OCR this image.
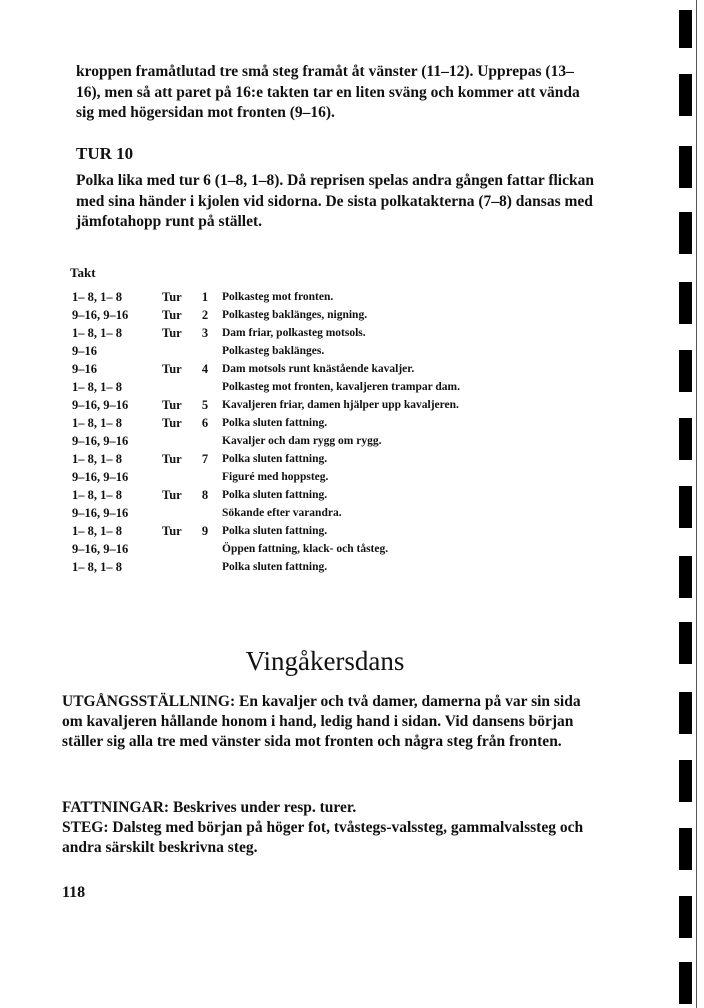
kroppen framåtlutad tre små steg framåt åt vänster (11–12). Upprepas (13–16), men så att paret på 16:e takten tar en liten sväng och kommer att vända sig med högersidan mot fronten (9–16).

TUR 10

Polka lika med tur 6 (1–8, 1–8). Då reprisen spelas andra gången fattar flickan med sina händer i kjolen vid sidorna. De sista polkatakterna (7–8) dansas med jämfotahopp runt på stället.

Takt
1– 8, 1– 8	Tur	1	Polkasteg mot fronten.
9–16, 9–16	Tur	2	Polkasteg baklänges, nigning.
1– 8, 1– 8	Tur	3	Dam friar, polkasteg motsols.
9–16			Polkasteg baklänges.
9–16	Tur	4	Dam motsols runt knästående kavaljer.
1– 8, 1– 8			Polkasteg mot fronten, kavaljeren trampar dam.
9–16, 9–16	Tur	5	Kavaljeren friar, damen hjälper upp kavaljeren.
1– 8, 1– 8	Tur	6	Polka sluten fattning.
9–16, 9–16			Kavaljer och dam rygg om rygg.
1– 8, 1– 8	Tur	7	Polka sluten fattning.
9–16, 9–16			Figuré med hoppsteg.
1– 8, 1– 8	Tur	8	Polka sluten fattning.
9–16, 9–16			Sökande efter varandra.
1– 8, 1– 8	Tur	9	Polka sluten fattning.
9–16, 9–16			Öppen fattning, klack- och tåsteg.
1– 8, 1– 8			Polka sluten fattning.
Vingåkersdans

UTGÅNGSSTÄLLNING: En kavaljer och två damer, damerna på var sin sida om kavaljeren hållande honom i hand, ledig hand i sidan. Vid dansens början ställer sig alla tre med vänster sida mot fronten och några steg från fronten.

FATTNINGAR: Beskrives under resp. turer.
STEG: Dalsteg med början på höger fot, tvåstegs-valssteg, gammalvalssteg och andra särskilt beskrivna steg.

118
